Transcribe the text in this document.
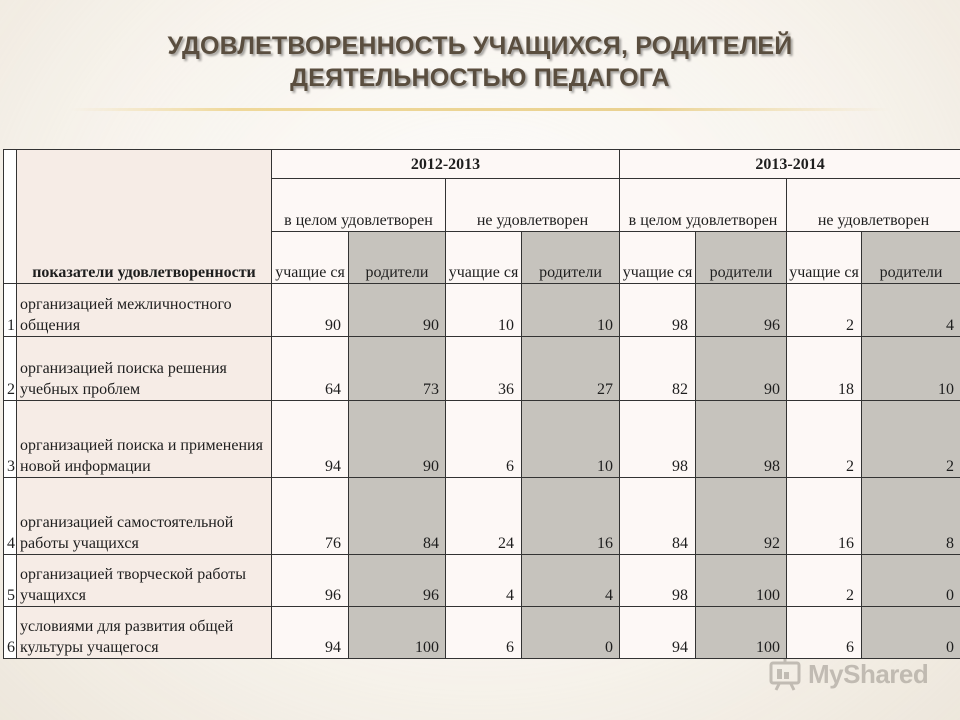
УДОВЛЕТВОРЕННОСТЬ УЧАЩИХСЯ, РОДИТЕЛЕЙ
ДЕЯТЕЛЬНОСТЬЮ ПЕДАГОГА
	показатели удовлетворенности	2012-2013				2013-2014			
		в целом удовлетворен		не удовлетворен		в целом удовлетворен		не удовлетворен	
		учащие ся	родители	учащие ся	родители	учащие ся	родители	учащие ся	родители
1	организацией межличностного общения	90	90	10	10	98	96	2	4
2	организацией поиска решения учебных проблем	64	73	36	27	82	90	18	10
3	организацией поиска и применения новой информации	94	90	6	10	98	98	2	2
4	организацией самостоятельной работы учащихся	76	84	24	16	84	92	16	8
5	организацией творческой работы учащихся	96	96	4	4	98	100	2	0
6	условиями для развития общей культуры учащегося	94	100	6	0	94	100	6	0
MyShared
